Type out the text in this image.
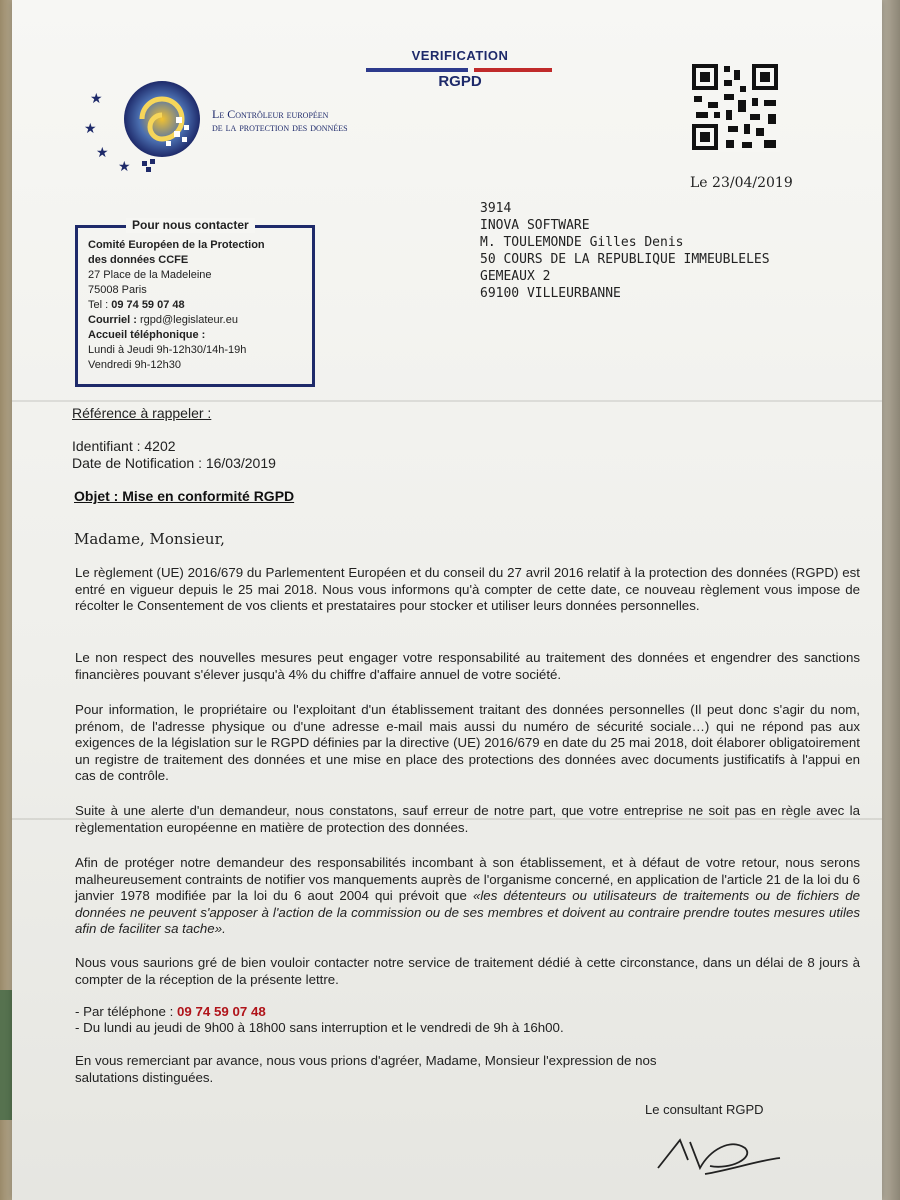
VERIFICATION
RGPD
★
★
★
★
Le Contrôleur européen
de la protection des données
Le 23/04/2019
Pour nous contacter
Comité Européen de la Protection
des données CCFE
27 Place de la Madeleine
75008 Paris
Tel : 09 74 59 07 48
Courriel : rgpd@legislateur.eu
Accueil téléphonique :
Lundi à Jeudi 9h-12h30/14h-19h
Vendredi 9h-12h30
3914
INOVA SOFTWARE
M. TOULEMONDE Gilles Denis
50 COURS DE LA REPUBLIQUE IMMEUBLELES
GEMEAUX 2
69100 VILLEURBANNE
Référence à rappeler :
Identifiant : 4202
Date de Notification : 16/03/2019
Objet : Mise en conformité RGPD
Madame, Monsieur,
Le règlement (UE) 2016/679 du Parlementent Européen et du conseil du 27 avril 2016 relatif à la protection des données (RGPD) est entré en vigueur depuis le 25 mai 2018. Nous vous informons qu'à compter de cette date, ce nouveau règlement vous impose de récolter le Consentement de vos clients et prestataires pour stocker et utiliser leurs données personnelles.
Le non respect des nouvelles mesures peut engager votre responsabilité au traitement des données et engendrer des sanctions financières pouvant s'élever jusqu'à 4% du chiffre d'affaire annuel de votre société.
Pour information, le propriétaire ou l'exploitant d'un établissement traitant des données personnelles (Il peut donc s'agir du nom, prénom, de l'adresse physique ou d'une adresse e-mail mais aussi du numéro de sécurité sociale…) qui ne répond pas aux exigences de la législation sur le RGPD définies par la directive (UE) 2016/679 en date du 25 mai 2018, doit élaborer obligatoirement un registre de traitement des données et une mise en place des protections des données avec documents justificatifs à l'appui en cas de contrôle.
Suite à une alerte d'un demandeur, nous constatons, sauf erreur de notre part, que votre entreprise ne soit pas en règle avec la règlementation européenne en matière de protection des données.
Afin de protéger notre demandeur des responsabilités incombant à son établissement, et à défaut de votre retour, nous serons malheureusement contraints de notifier vos manquements auprès de l'organisme concerné, en application de l'article 21 de la loi du 6 janvier 1978 modifiée par la loi du 6 aout 2004 qui prévoit que «les détenteurs ou utilisateurs de traitements ou de fichiers de données ne peuvent s'apposer à l'action de la commission ou de ses membres et doivent au contraire prendre toutes mesures utiles afin de faciliter sa tache».
Nous vous saurions gré de bien vouloir contacter notre service de traitement dédié à cette circonstance, dans un délai de 8 jours à compter de la réception de la présente lettre.
- Par téléphone : 09 74 59 07 48
- Du lundi au jeudi de 9h00 à 18h00 sans interruption et le vendredi de 9h à 16h00.
En vous remerciant par avance, nous vous prions d'agréer, Madame, Monsieur l'expression de nos
salutations distinguées.
Le consultant RGPD
